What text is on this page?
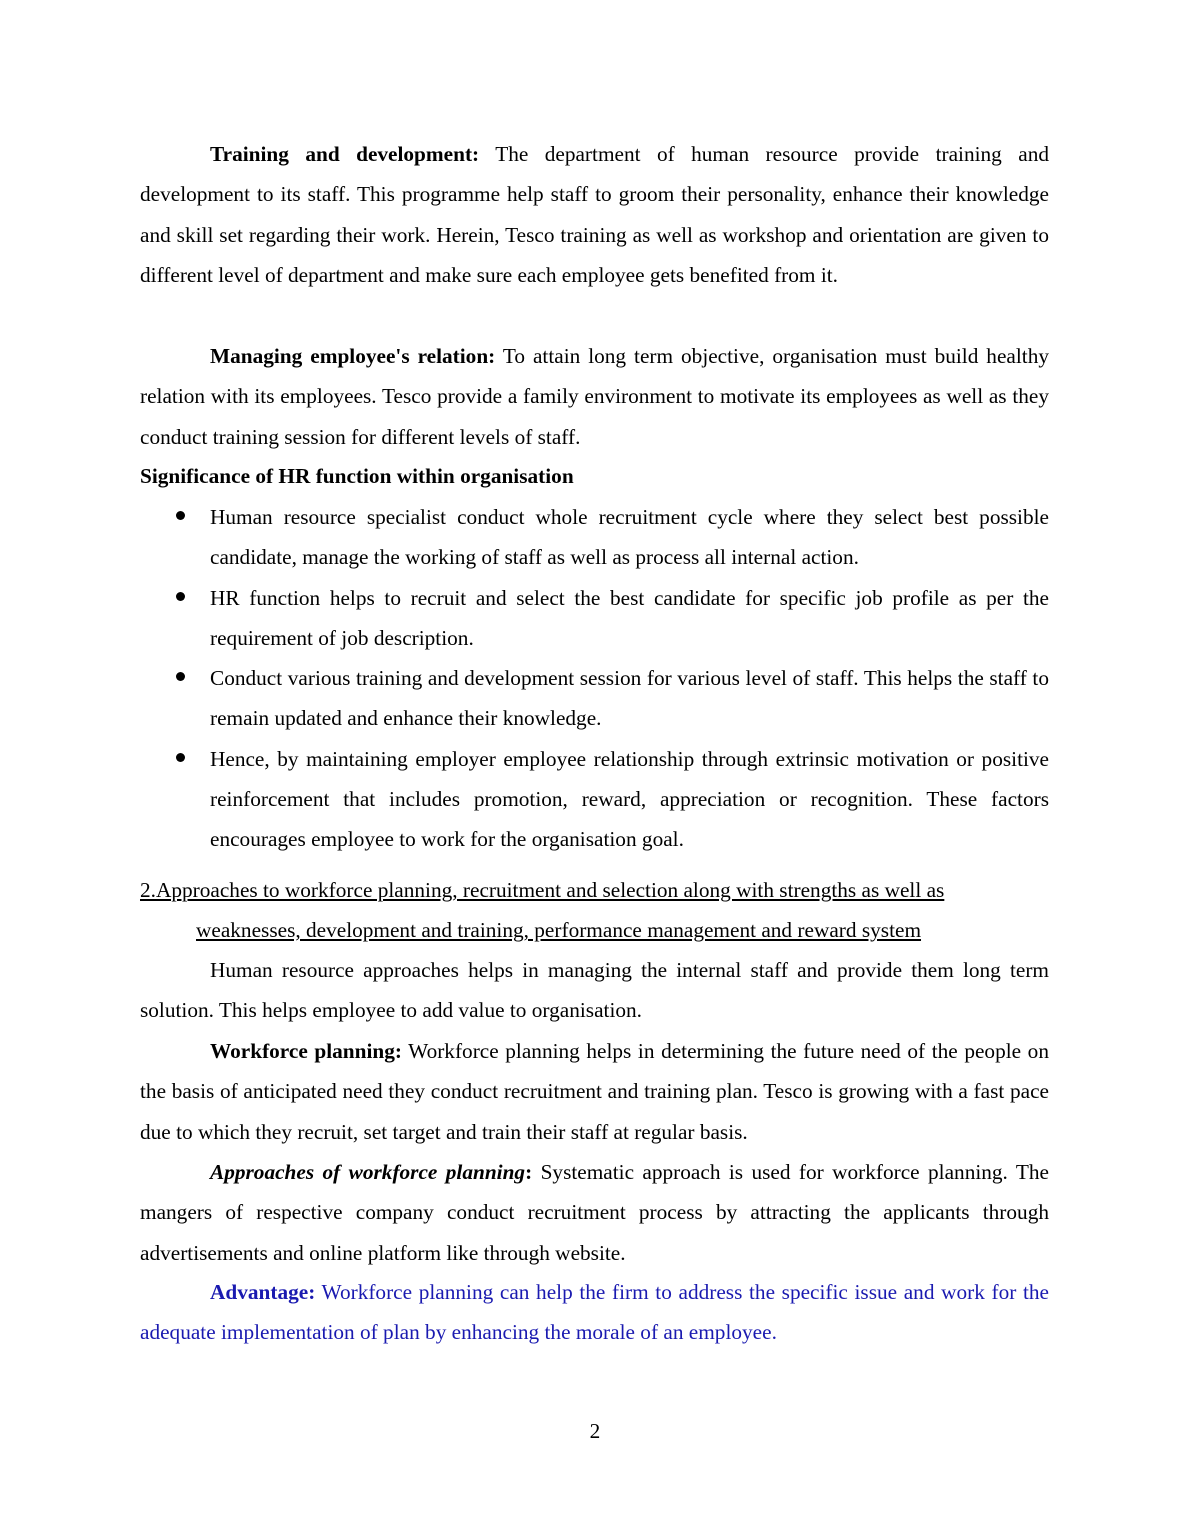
Training and development: The department of human resource provide training and development to its staff. This programme help staff to groom their personality, enhance their knowledge and skill set regarding their work. Herein, Tesco training as well as workshop and orientation are given to different level of department and make sure each employee gets benefited from it.

Managing employee's relation: To attain long term objective, organisation must build healthy relation with its employees. Tesco provide a family environment to motivate its employees as well as they conduct training session for different levels of staff.

Significance of HR function within organisation
Human resource specialist conduct whole recruitment cycle where they select best possible candidate, manage the working of staff as well as process all internal action.
HR function helps to recruit and select the best candidate for specific job profile as per the requirement of job description.
Conduct various training and development session for various level of staff. This helps the staff to remain updated and enhance their knowledge.
Hence, by maintaining employer employee relationship through extrinsic motivation or positive reinforcement that includes promotion, reward, appreciation or recognition. These factors encourages employee to work for the organisation goal.
2.Approaches to workforce planning, recruitment and selection along with strengths as well as
weaknesses, development and training, performance management and reward system

Human resource approaches helps in managing the internal staff and provide them long term solution. This helps employee to add value to organisation.

Workforce planning: Workforce planning helps in determining the future need of the people on the basis of anticipated need they conduct recruitment and training plan. Tesco is growing with a fast pace due to which they recruit, set target and train their staff at regular basis.

Approaches of workforce planning: Systematic approach is used for workforce planning. The mangers of respective company conduct recruitment process by attracting the applicants through advertisements and online platform like through website.

Advantage: Workforce planning can help the firm to address the specific issue and work for the adequate implementation of plan by enhancing the morale of an employee.

2
